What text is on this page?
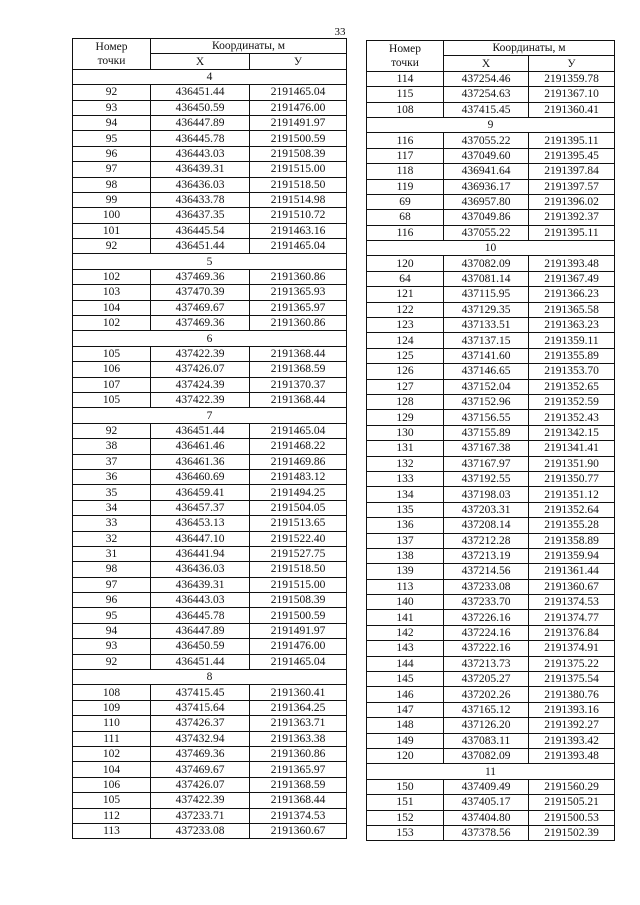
33
Номер
точки	Координаты, м	
	X	У
4		
92	436451.44	2191465.04
93	436450.59	2191476.00
94	436447.89	2191491.97
95	436445.78	2191500.59
96	436443.03	2191508.39
97	436439.31	2191515.00
98	436436.03	2191518.50
99	436433.78	2191514.98
100	436437.35	2191510.72
101	436445.54	2191463.16
92	436451.44	2191465.04
5		
102	437469.36	2191360.86
103	437470.39	2191365.93
104	437469.67	2191365.97
102	437469.36	2191360.86
6		
105	437422.39	2191368.44
106	437426.07	2191368.59
107	437424.39	2191370.37
105	437422.39	2191368.44
7		
92	436451.44	2191465.04
38	436461.46	2191468.22
37	436461.36	2191469.86
36	436460.69	2191483.12
35	436459.41	2191494.25
34	436457.37	2191504.05
33	436453.13	2191513.65
32	436447.10	2191522.40
31	436441.94	2191527.75
98	436436.03	2191518.50
97	436439.31	2191515.00
96	436443.03	2191508.39
95	436445.78	2191500.59
94	436447.89	2191491.97
93	436450.59	2191476.00
92	436451.44	2191465.04
8		
108	437415.45	2191360.41
109	437415.64	2191364.25
110	437426.37	2191363.71
111	437432.94	2191363.38
102	437469.36	2191360.86
104	437469.67	2191365.97
106	437426.07	2191368.59
105	437422.39	2191368.44
112	437233.71	2191374.53
113	437233.08	2191360.67
Номер
точки	Координаты, м	
	X	У
114	437254.46	2191359.78
115	437254.63	2191367.10
108	437415.45	2191360.41
9		
116	437055.22	2191395.11
117	437049.60	2191395.45
118	436941.64	2191397.84
119	436936.17	2191397.57
69	436957.80	2191396.02
68	437049.86	2191392.37
116	437055.22	2191395.11
10		
120	437082.09	2191393.48
64	437081.14	2191367.49
121	437115.95	2191366.23
122	437129.35	2191365.58
123	437133.51	2191363.23
124	437137.15	2191359.11
125	437141.60	2191355.89
126	437146.65	2191353.70
127	437152.04	2191352.65
128	437152.96	2191352.59
129	437156.55	2191352.43
130	437155.89	2191342.15
131	437167.38	2191341.41
132	437167.97	2191351.90
133	437192.55	2191350.77
134	437198.03	2191351.12
135	437203.31	2191352.64
136	437208.14	2191355.28
137	437212.28	2191358.89
138	437213.19	2191359.94
139	437214.56	2191361.44
113	437233.08	2191360.67
140	437233.70	2191374.53
141	437226.16	2191374.77
142	437224.16	2191376.84
143	437222.16	2191374.91
144	437213.73	2191375.22
145	437205.27	2191375.54
146	437202.26	2191380.76
147	437165.12	2191393.16
148	437126.20	2191392.27
149	437083.11	2191393.42
120	437082.09	2191393.48
11		
150	437409.49	2191560.29
151	437405.17	2191505.21
152	437404.80	2191500.53
153	437378.56	2191502.39
